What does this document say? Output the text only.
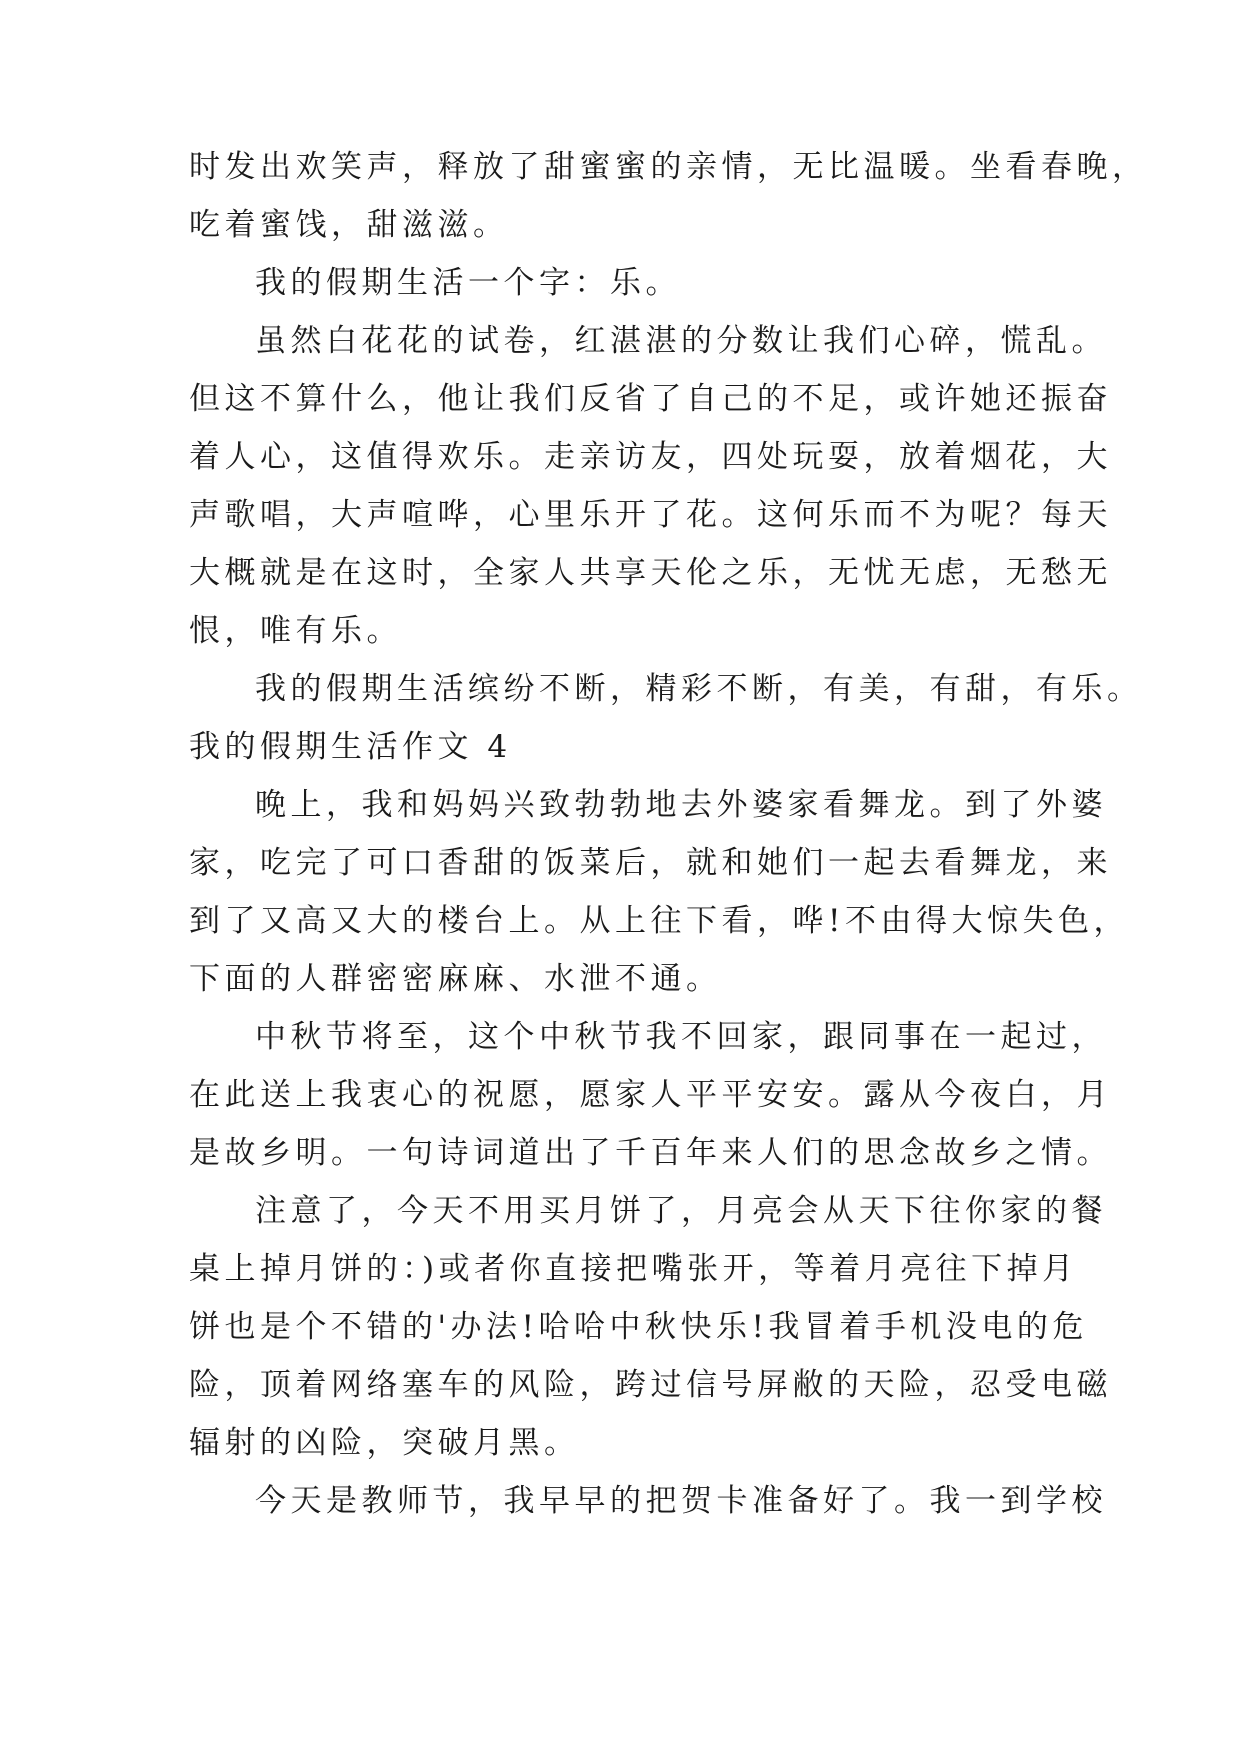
时发出欢笑声，释放了甜蜜蜜的亲情，无比温暖。坐看春晚，
吃着蜜饯，甜滋滋。
我的假期生活一个字：乐。
虽然白花花的试卷，红湛湛的分数让我们心碎，慌乱。
但这不算什么，他让我们反省了自己的不足，或许她还振奋
着人心，这值得欢乐。走亲访友，四处玩耍，放着烟花，大
声歌唱，大声喧哗，心里乐开了花。这何乐而不为呢？每天
大概就是在这时，全家人共享天伦之乐，无忧无虑，无愁无
恨，唯有乐。
我的假期生活缤纷不断，精彩不断，有美，有甜，有乐。
我的假期生活作文 4
晚上，我和妈妈兴致勃勃地去外婆家看舞龙。到了外婆
家，吃完了可口香甜的饭菜后，就和她们一起去看舞龙，来
到了又高又大的楼台上。从上往下看，哗!不由得大惊失色，
下面的人群密密麻麻、水泄不通。
中秋节将至，这个中秋节我不回家，跟同事在一起过，
在此送上我衷心的祝愿，愿家人平平安安。露从今夜白，月
是故乡明。一句诗词道出了千百年来人们的思念故乡之情。
注意了，今天不用买月饼了，月亮会从天下往你家的餐
桌上掉月饼的：)或者你直接把嘴张开，等着月亮往下掉月
饼也是个不错的'办法!哈哈中秋快乐!我冒着手机没电的危
险，顶着网络塞车的风险，跨过信号屏敝的天险，忍受电磁
辐射的凶险，突破月黑。
今天是教师节，我早早的把贺卡准备好了。我一到学校
